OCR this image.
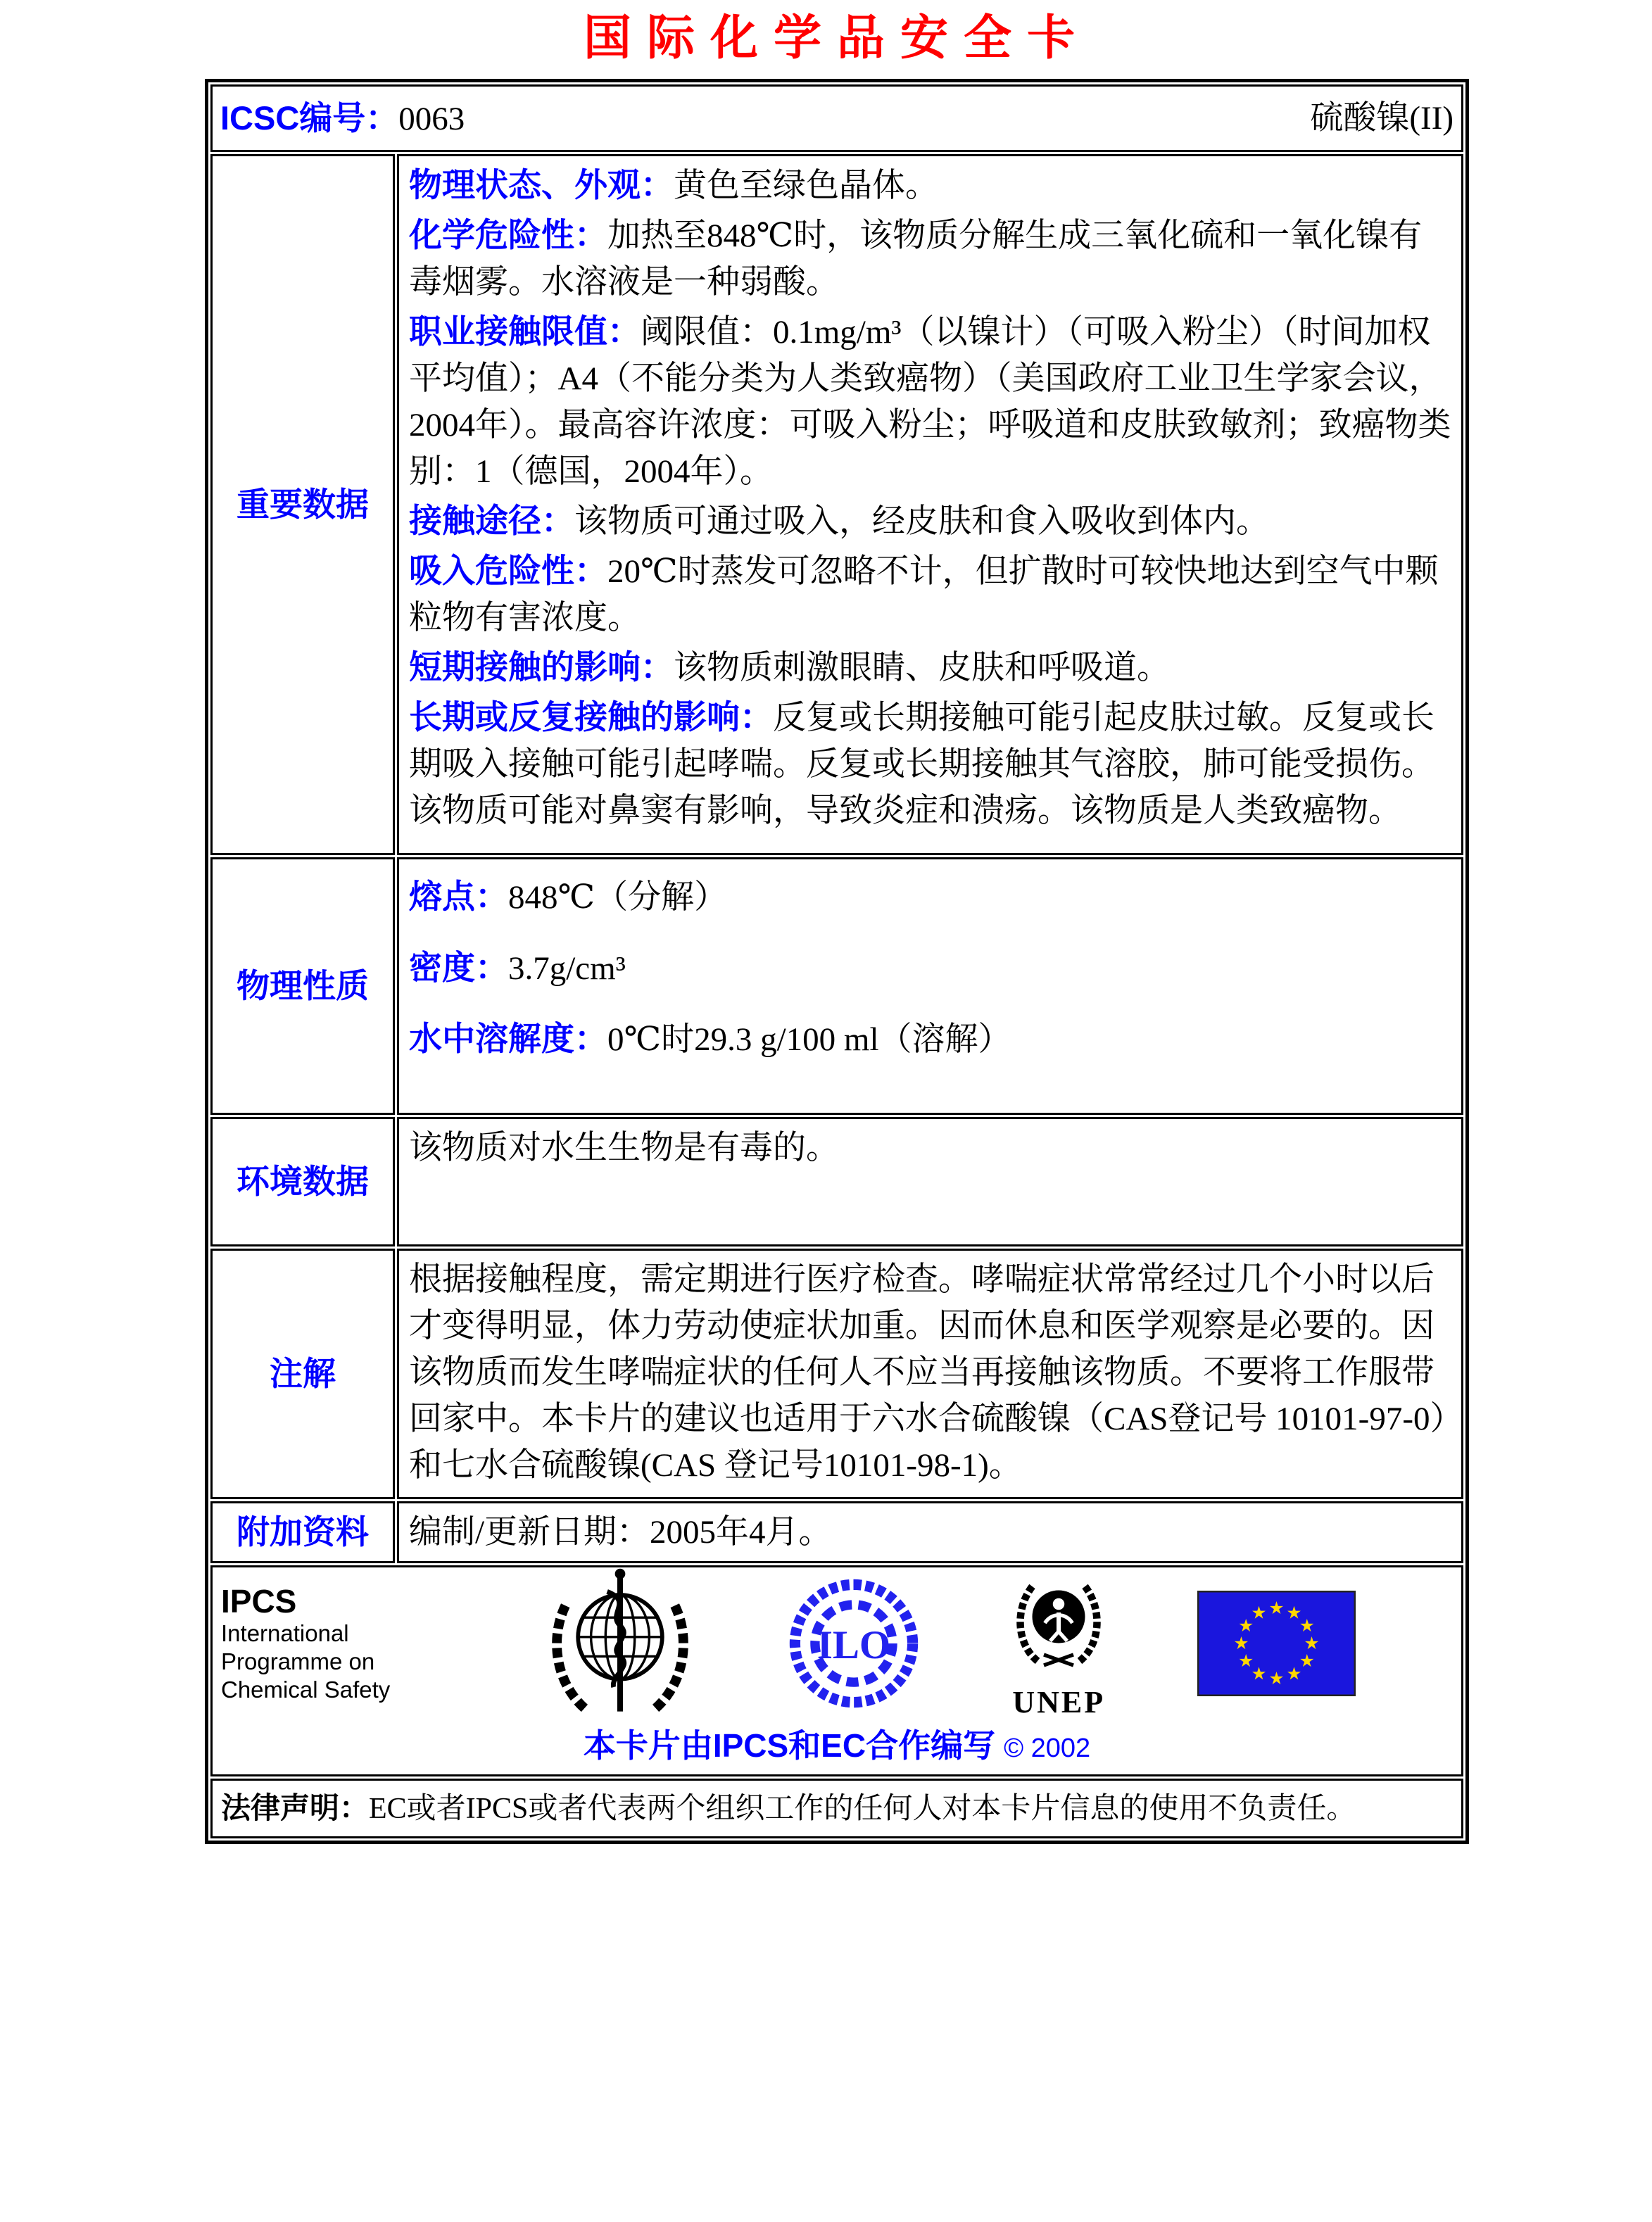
国际化学品安全卡
ICSC编号：0063 硫酸镍(II)	

重要数据	

物理状态、外观：黄色至绿色晶体。

化学危险性：加热至848℃时，该物质分解生成三氧化硫和一氧化镍有毒烟雾。水溶液是一种弱酸。

职业接触限值：阈限值：0.1mg/m³（以镍计）（可吸入粉尘）（时间加权平均值）；A4（不能分类为人类致癌物）（美国政府工业卫生学家会议，2004年）。最高容许浓度：可吸入粉尘；呼吸道和皮肤致敏剂；致癌物类别：1（德国，2004年）。

接触途径：该物质可通过吸入，经皮肤和食入吸收到体内。

吸入危险性：20℃时蒸发可忽略不计，但扩散时可较快地达到空气中颗粒物有害浓度。

短期接触的影响：该物质刺激眼睛、皮肤和呼吸道。

长期或反复接触的影响：反复或长期接触可能引起皮肤过敏。反复或长期吸入接触可能引起哮喘。反复或长期接触其气溶胶，肺可能受损伤。该物质可能对鼻窦有影响，导致炎症和溃疡。该物质是人类致癌物。

物理性质	熔点：848℃（分解）

密度：3.7g/cm³

水中溶解度：0℃时29.3 g/100 ml（溶解）

环境数据	该物质对水生生物是有毒的。

注解	根据接触程度，需定期进行医疗检查。哮喘症状常常经过几个小时以后才变得明显，体力劳动使症状加重。因而休息和医学观察是必要的。因该物质而发生哮喘症状的任何人不应当再接触该物质。不要将工作服带回家中。本卡片的建议也适用于六水合硫酸镍（CAS登记号 10101-97-0）和七水合硫酸镍(CAS 登记号10101-98-1)。

附加资料	编制/更新日期：2005年4月。

IPCS
International
Programme on
Chemical Safety
ILO
UNEP
本卡片由IPCS和EC合作编写 © 2002

法律声明：EC或者IPCS或者代表两个组织工作的任何人对本卡片信息的使用不负责任。	
